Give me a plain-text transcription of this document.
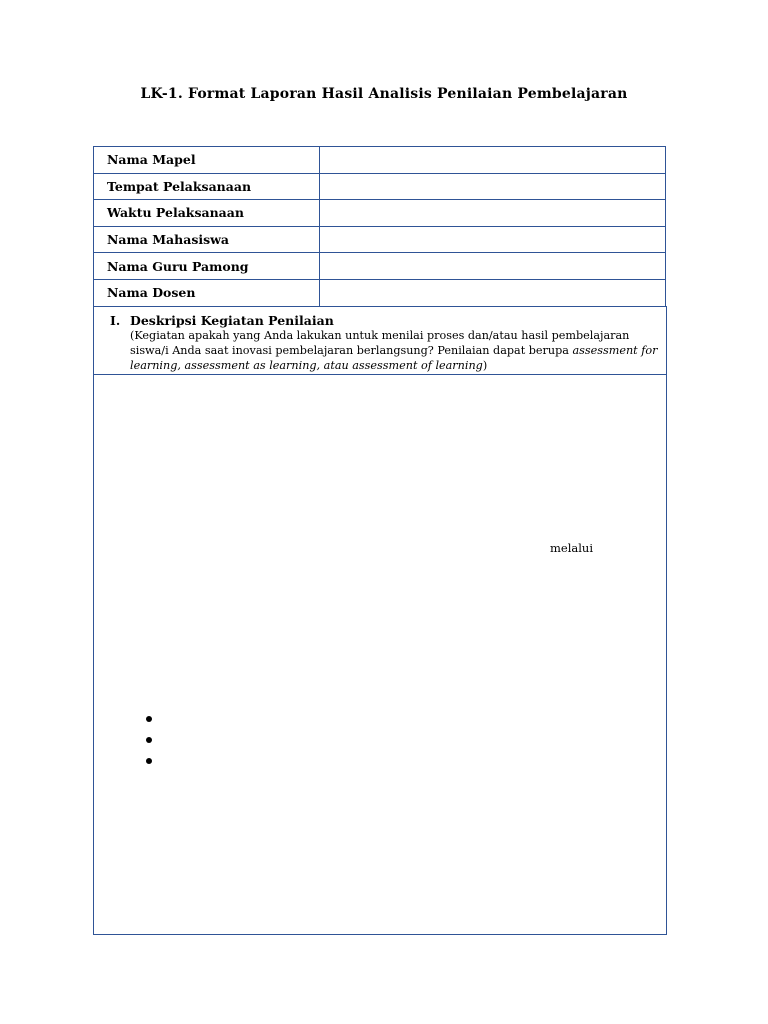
LK-1. Format Laporan Hasil Analisis Penilaian Pembelajaran
Nama Mapel	
Tempat Pelaksanaan	
Waktu Pelaksanaan	
Nama Mahasiswa	
Nama Guru Pamong	
Nama Dosen	
I. Deskripsi Kegiatan Penilaian
(Kegiatan apakah yang Anda lakukan untuk menilai proses dan/atau hasil pembelajaran siswa/i Anda saat inovasi pembelajaran berlangsung? Penilaian dapat berupa assessment for learning, assessment as learning, atau assessment of learning)
melalui
